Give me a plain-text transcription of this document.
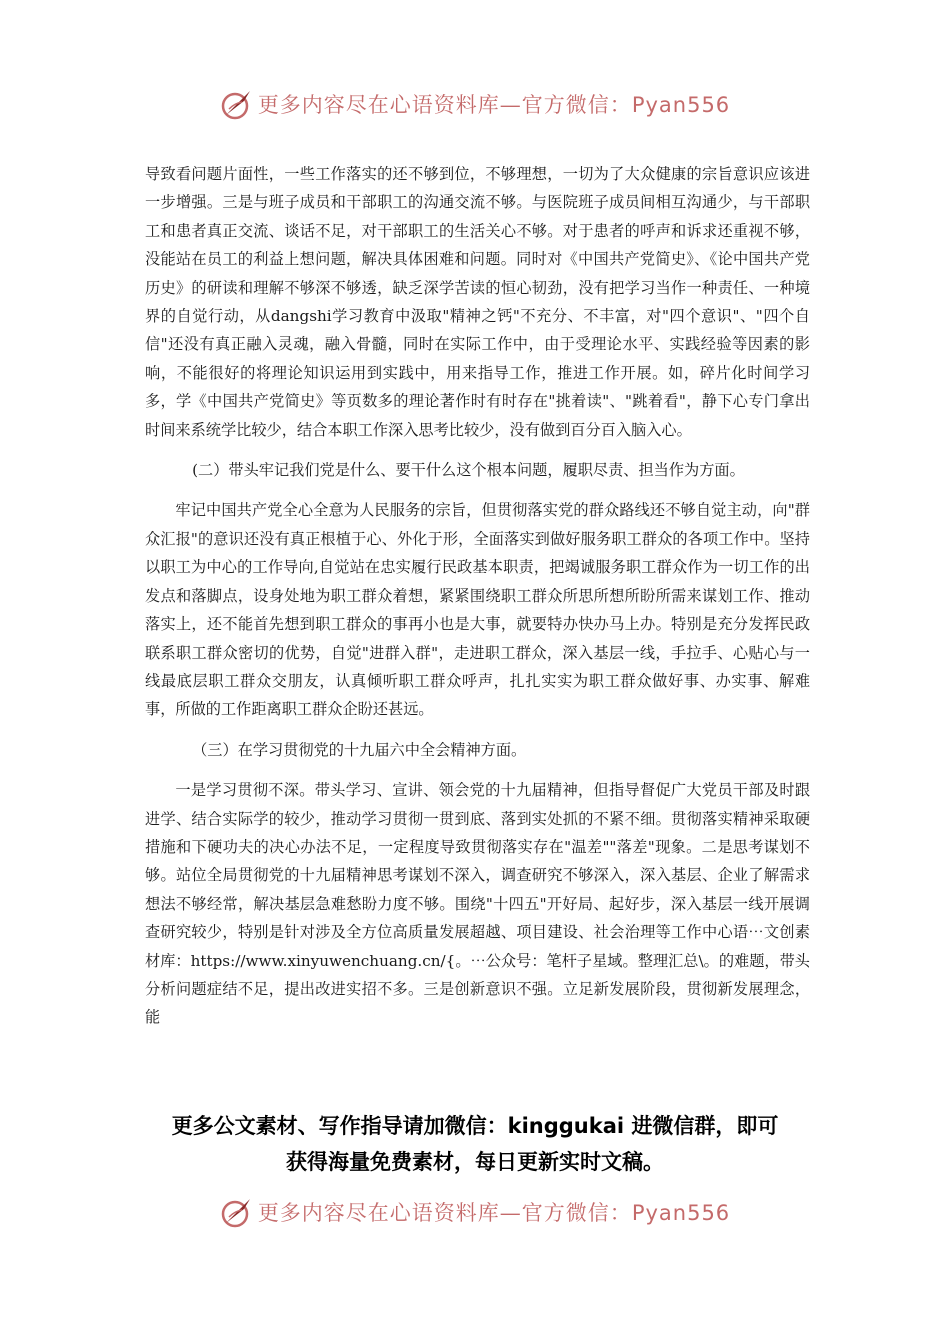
更多内容尽在心语资料库—官方微信：Pyan556

导致看问题片面性，一些工作落实的还不够到位，不够理想，一切为了大众健康的宗旨意识应该进一步增强。三是与班子成员和干部职工的沟通交流不够。与医院班子成员间相互沟通少，与干部职工和患者真正交流、谈话不足，对干部职工的生活关心不够。对于患者的呼声和诉求还重视不够，没能站在员工的利益上想问题，解决具体困难和问题。同时对《中国共产党简史》、《论中国共产党历史》的研读和理解不够深不够透，缺乏深学苦读的恒心韧劲，没有把学习当作一种责任、一种境界的自觉行动，从dangshi学习教育中汲取"精神之钙"不充分、不丰富，对"四个意识"、"四个自信"还没有真正融入灵魂，融入骨髓，同时在实际工作中，由于受理论水平、实践经验等因素的影响，不能很好的将理论知识运用到实践中，用来指导工作，推进工作开展。如，碎片化时间学习多，学《中国共产党简史》等页数多的理论著作时有时存在"挑着读"、"跳着看"，静下心专门拿出时间来系统学比较少，结合本职工作深入思考比较少，没有做到百分百入脑入心。

(二）带头牢记我们党是什么、要干什么这个根本问题，履职尽责、担当作为方面。

牢记中国共产党全心全意为人民服务的宗旨，但贯彻落实党的群众路线还不够自觉主动，向"群众汇报"的意识还没有真正根植于心、外化于形，全面落实到做好服务职工群众的各项工作中。坚持以职工为中心的工作导向,自觉站在忠实履行民政基本职责，把竭诚服务职工群众作为一切工作的出发点和落脚点，设身处地为职工群众着想，紧紧围绕职工群众所思所想所盼所需来谋划工作、推动落实上，还不能首先想到职工群众的事再小也是大事，就要特办快办马上办。特别是充分发挥民政联系职工群众密切的优势，自觉"进群入群"，走进职工群众，深入基层一线，手拉手、心贴心与一线最底层职工群众交朋友，认真倾听职工群众呼声，扎扎实实为职工群众做好事、办实事、解难事，所做的工作距离职工群众企盼还甚远。

（三）在学习贯彻党的十九届六中全会精神方面。

一是学习贯彻不深。带头学习、宣讲、领会党的十九届精神，但指导督促广大党员干部及时跟进学、结合实际学的较少，推动学习贯彻一贯到底、落到实处抓的不紧不细。贯彻落实精神采取硬措施和下硬功夫的决心办法不足，一定程度导致贯彻落实存在"温差""落差"现象。二是思考谋划不够。站位全局贯彻党的十九届精神思考谋划不深入，调查研究不够深入，深入基层、企业了解需求想法不够经常，解决基层急难愁盼力度不够。围绕"十四五"开好局、起好步，深入基层一线开展调查研究较少，特别是针对涉及全方位高质量发展超越、项目建设、社会治理等工作中心语⋯文创素材库：https://www.xinyuwenchuang.cn/{。⋯公众号：笔杆子星域。整理汇总\。的难题，带头分析问题症结不足，提出改进实招不多。三是创新意识不强。立足新发展阶段，贯彻新发展理念，能

更多公文素材、写作指导请加微信：kinggukai 进微信群，即可
获得海量免费素材，每日更新实时文稿。
更多内容尽在心语资料库—官方微信：Pyan556
